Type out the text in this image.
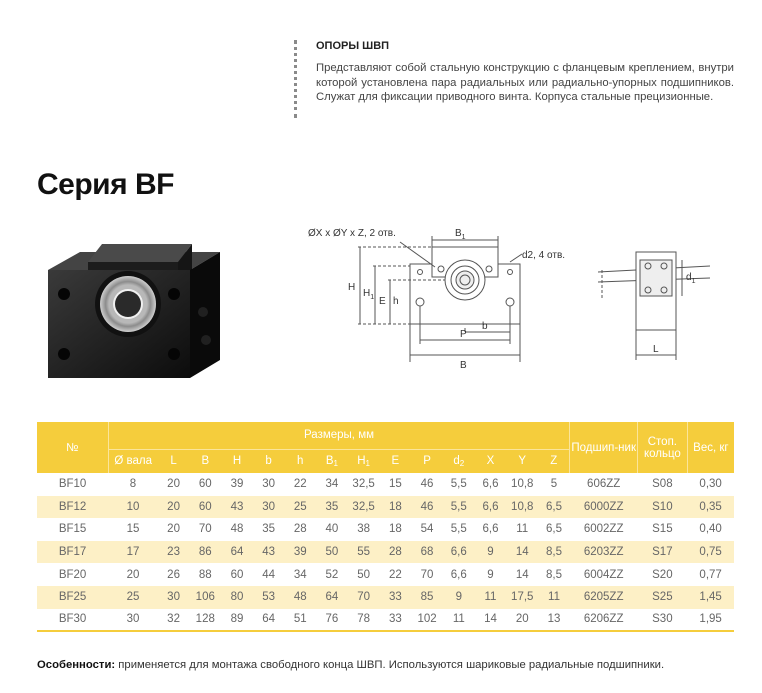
ОПОРЫ ШВП
Представляют собой стальную конструкцию с фланцевым креплением, внутри которой установлена пара радиальных или радиально-упорных подшипников. Служат для фиксации приводного винта. Корпуса стальные прецизионные.
Серия BF
ØX x ØY x Z, 2 отв.	$B_1$
d2, 4 отв.
H
$H_1$ E h
P
b
B
L
$d_1$
№	Размеры, мм														Подшип-ник	Стоп. кольцо	Вес, кг
	Ø вала	L	B	H	b	h	$B_1$	$H_1$	E	P	$d_2$	X	Y	Z			
BF10	8	20	60	39	30	22	34	32,5	15	46	5,5	6,6	10,8	5	606ZZ	S08	0,30
BF12	10	20	60	43	30	25	35	32,5	18	46	5,5	6,6	10,8	6,5	6000ZZ	S10	0,35
BF15	15	20	70	48	35	28	40	38	18	54	5,5	6,6	11	6,5	6002ZZ	S15	0,40
BF17	17	23	86	64	43	39	50	55	28	68	6,6	9	14	8,5	6203ZZ	S17	0,75
BF20	20	26	88	60	44	34	52	50	22	70	6,6	9	14	8,5	6004ZZ	S20	0,77
BF25	25	30	106	80	53	48	64	70	33	85	9	11	17,5	11	6205ZZ	S25	1,45
BF30	30	32	128	89	64	51	76	78	33	102	11	14	20	13	6206ZZ	S30	1,95
Особенности: применяется для монтажа свободного конца ШВП. Используются шариковые радиальные подшипники.
